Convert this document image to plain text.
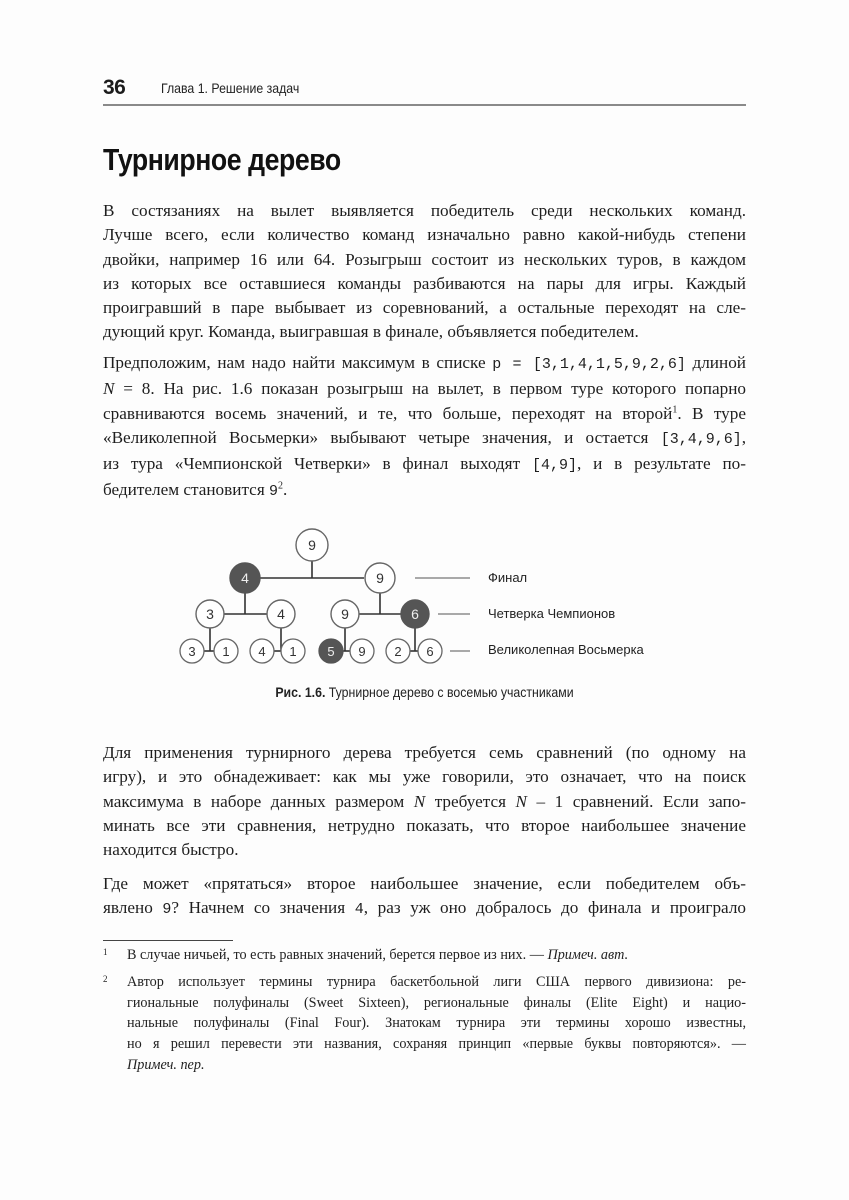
36	Глава 1. Решение задач
Турнирное дерево
В состязаниях на вылет выявляется победитель среди нескольких команд.
Лучше всего, если количество команд изначально равно какой-нибудь степени
двойки, например 16 или 64. Розыгрыш состоит из нескольких туров, в каждом
из которых все оставшиеся команды разбиваются на пары для игры. Каждый
проигравший в паре выбывает из соревнований, а остальные переходят на сле-
дующий круг. Команда, выигравшая в финале, объявляется победителем.
Предположим, нам надо найти максимум в списке p = [3,1,4,1,5,9,2,6] длиной
N = 8. На рис. 1.6 показан розыгрыш на вылет, в первом туре которого попарно
сравниваются восемь значений, и те, что больше, переходят на второй$^1$. В туре
«Великолепной Восьмерки» выбывают четыре значения, и остается [3,4,9,6],
из тура «Чемпионской Четверки» в финал выходят [4,9], и в результате по-
бедителем становится $9^2$.
9
4	9
3	4	9	6
3 1 4 1 5 9 2 6
Финал
Четверка Чемпионов
Великолепная Восьмерка
Рис. 1.6. Турнирное дерево с восемью участниками
Для применения турнирного дерева требуется семь сравнений (по одному на
игру), и это обнадеживает: как мы уже говорили, это означает, что на поиск
максимума в наборе данных размером N требуется N – 1 сравнений. Если запо-
минать все эти сравнения, нетрудно показать, что второе наибольшее значение
находится быстро.
Где может «прятаться» второе наибольшее значение, если победителем объ-
явлено 9? Начнем со значения 4, раз уж оно добралось до финала и проиграло
1 В случае ничьей, то есть равных значений, берется первое из них. — Примеч. авт.
2 Автор использует термины турнира баскетбольной лиги США первого дивизиона: ре-
гиональные полуфиналы (Sweet Sixteen), региональные финалы (Elite Eight) и нацио-
нальные полуфиналы (Final Four). Знатокам турнира эти термины хорошо известны,
но я решил перевести эти названия, сохраняя принцип «первые буквы повторяются». —
Примеч. пер.
